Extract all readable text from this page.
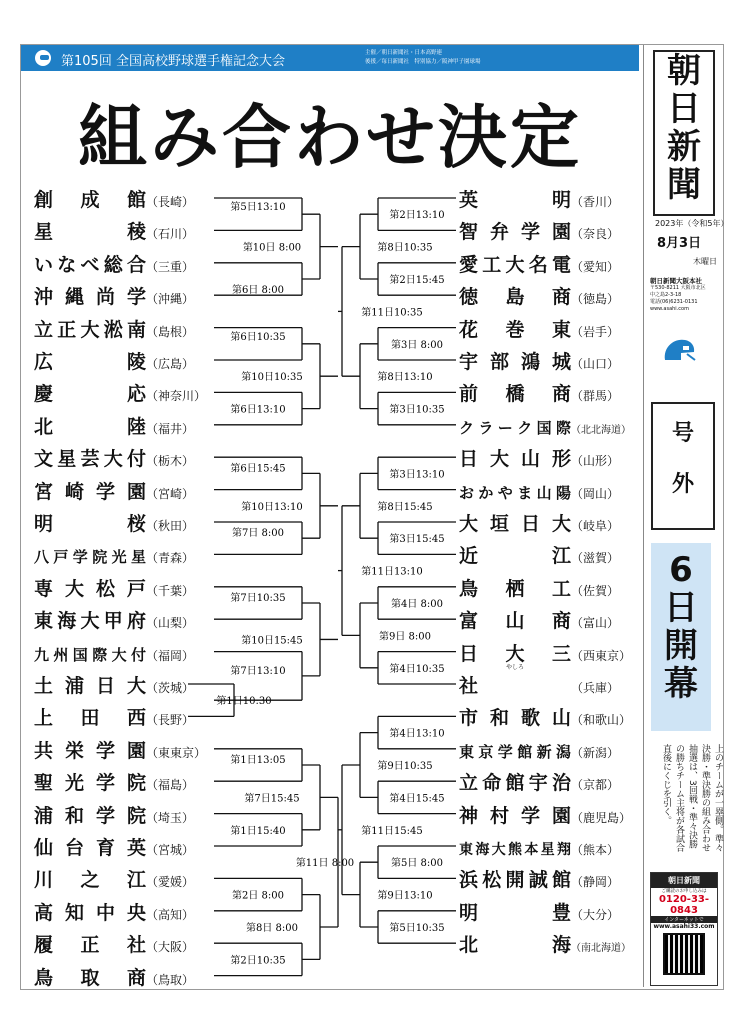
第105回 全国高校野球選手権記念大会
主催／朝日新聞社・日本高野連
後援／毎日新聞社　特別協力／阪神甲子園球場
組み合わせ決定
朝
日
新
聞
2023年（令和5年）
8月3日
木曜日
朝日新聞大阪本社
〒530-8211 大阪市北区
中之島2-3-18
電話(06)6231-0131
www.asahi.com
号
外
6
日
開
幕
上のチームが一塁側。準々決勝・準決勝の組み合わせ抽選は、3回戦・準々決勝の勝ちチーム主将が各試合直後にくじを引く。
朝日新聞
ご購読のお申し込みは
0120-33-0843
インターネットで
www.asahi33.com
創成館（長崎）
星稜（石川）
いなべ総合（三重）
沖縄尚学（沖縄）
立正大淞南（島根）
広陵（広島）
慶応（神奈川）
北陸（福井）
文星芸大付（栃木）
宮崎学園（宮崎）
明桜（秋田）
八戸学院光星（青森）
専大松戸（千葉）
東海大甲府（山梨）
九州国際大付（福岡）
土浦日大（茨城）
上田西（長野）
共栄学園（東東京）
聖光学院（福島）
浦和学院（埼玉）
仙台育英（宮城）
川之江（愛媛）
高知中央（高知）
履正社（大阪）
鳥取商（鳥取）
英明（香川）
智弁学園（奈良）
愛工大名電（愛知）
徳島商（徳島）
花巻東（岩手）
宇部鴻城（山口）
前橋商（群馬）
クラーク国際（北北海道）
日大山形（山形）
おかやま山陽（岡山）
大垣日大（岐阜）
近江（滋賀）
鳥栖工（佐賀）
富山商（富山）
日大三（西東京）
社	（兵庫）
市和歌山（和歌山）
東京学館新潟（新潟）
立命館宇治（京都）
神村学園（鹿児島）
東海大熊本星翔（熊本）
浜松開誠館（静岡）
明豊（大分）
北海（南北海道）
やしろ
第5日13:10
第6日 8:00
第10日 8:00
第6日10:35
第6日13:10
第10日10:35
第6日15:45
第7日 8:00
第10日13:10
第7日10:35
第1日10:30
第7日13:10
第10日15:45
第1日13:05
第1日15:40
第7日15:45
第2日 8:00
第2日10:35
第8日 8:00
第11日 8:00
第2日13:10
第2日15:45
第8日10:35
第3日 8:00
第3日10:35
第8日13:10
第11日10:35
第3日13:10
第3日15:45
第8日15:45
第4日 8:00
第4日10:35
第9日 8:00
第11日13:10
第4日13:10
第4日15:45
第9日10:35
第5日 8:00
第5日10:35
第9日13:10
第11日15:45
